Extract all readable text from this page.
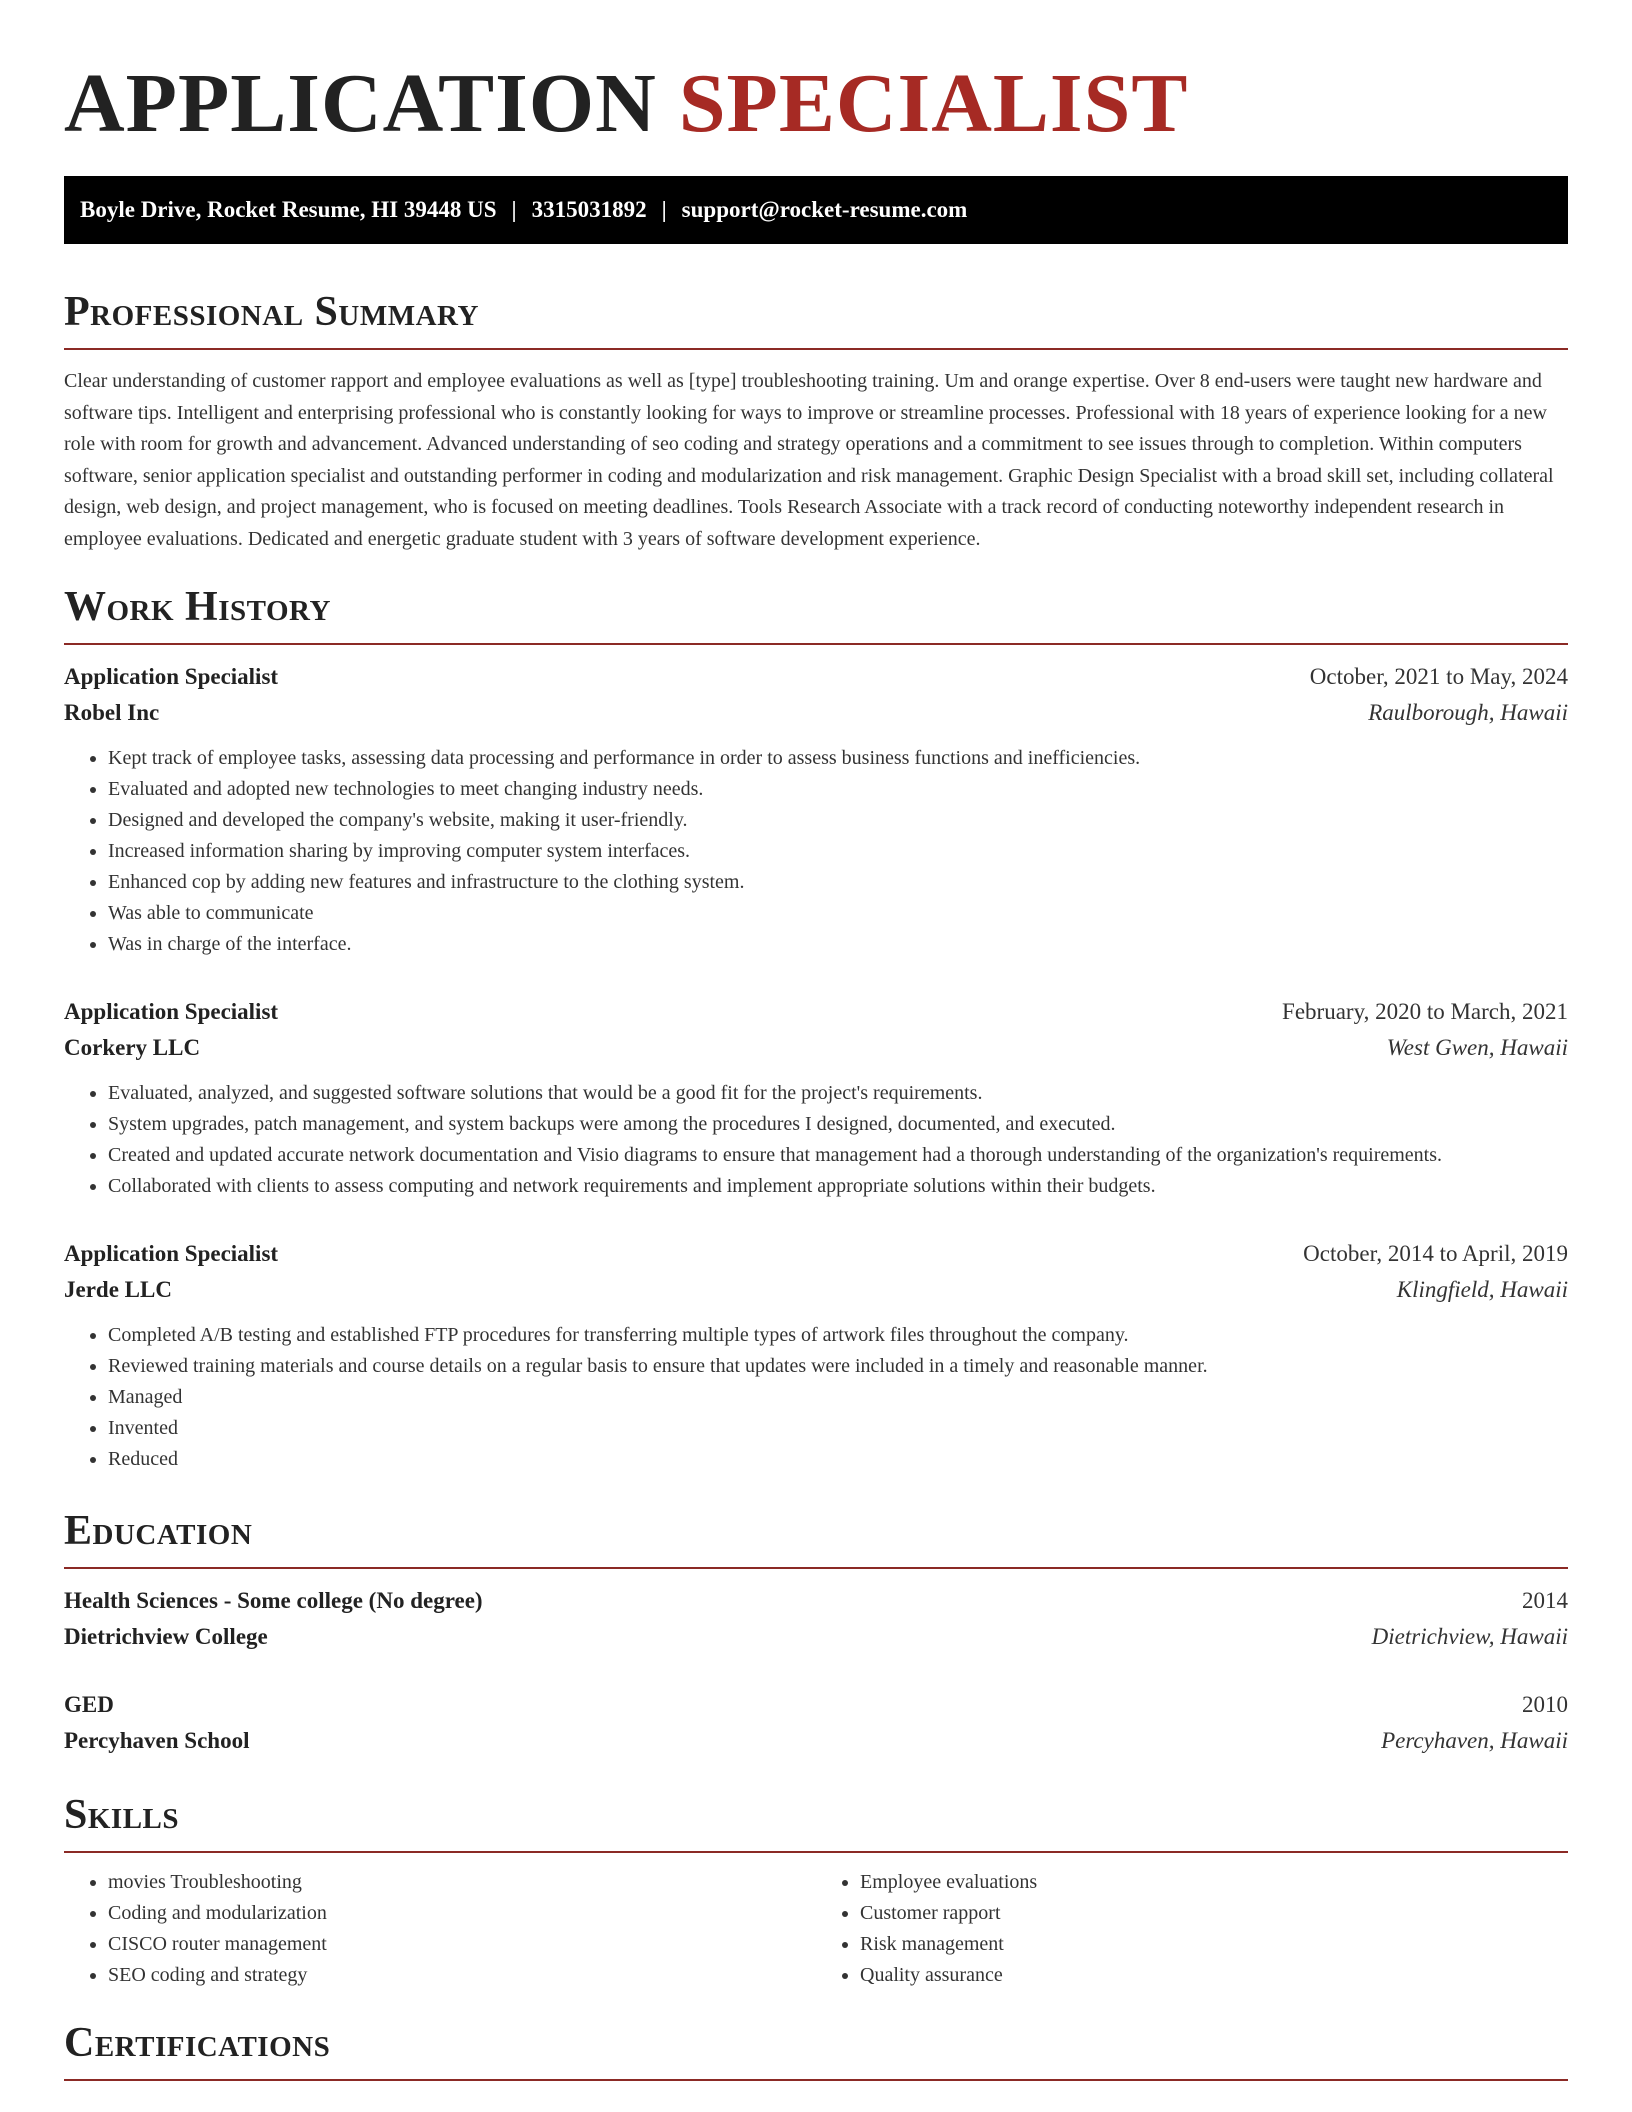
APPLICATION SPECIALIST
Boyle Drive, Rocket Resume, HI 39448 US | 3315031892 | support@rocket-resume.com
Professional Summary

Clear understanding of customer rapport and employee evaluations as well as [type] troubleshooting training. Um and orange expertise. Over 8 end-users were taught new hardware and software tips. Intelligent and enterprising professional who is constantly looking for ways to improve or streamline processes. Professional with 18 years of experience looking for a new role with room for growth and advancement. Advanced understanding of seo coding and strategy operations and a commitment to see issues through to completion. Within computers software, senior application specialist and outstanding performer in coding and modularization and risk management. Graphic Design Specialist with a broad skill set, including collateral design, web design, and project management, who is focused on meeting deadlines. Tools Research Associate with a track record of conducting noteworthy independent research in employee evaluations. Dedicated and energetic graduate student with 3 years of software development experience.

Work History
Application Specialist	October, 2021 to May, 2024
Robel Inc	Raulborough, Hawaii
• Kept track of employee tasks, assessing data processing and performance in order to assess business functions and inefficiencies.
• Evaluated and adopted new technologies to meet changing industry needs.
• Designed and developed the company's website, making it user-friendly.
• Increased information sharing by improving computer system interfaces.
• Enhanced cop by adding new features and infrastructure to the clothing system.
• Was able to communicate
• Was in charge of the interface.
Application Specialist	February, 2020 to March, 2021
Corkery LLC	West Gwen, Hawaii
• Evaluated, analyzed, and suggested software solutions that would be a good fit for the project's requirements.
• System upgrades, patch management, and system backups were among the procedures I designed, documented, and executed.
• Created and updated accurate network documentation and Visio diagrams to ensure that management had a thorough understanding of the organization's requirements.
• Collaborated with clients to assess computing and network requirements and implement appropriate solutions within their budgets.
Application Specialist	October, 2014 to April, 2019
Jerde LLC	Klingfield, Hawaii
• Completed A/B testing and established FTP procedures for transferring multiple types of artwork files throughout the company.
• Reviewed training materials and course details on a regular basis to ensure that updates were included in a timely and reasonable manner.
• Managed
• Invented
• Reduced
Education
Health Sciences - Some college (No degree)	2014
Dietrichview College	Dietrichview, Hawaii
GED	2010
Percyhaven School	Percyhaven, Hawaii
Skills
• movies Troubleshooting
• Coding and modularization
• CISCO router management
• SEO coding and strategy
• Employee evaluations
• Customer rapport
• Risk management
• Quality assurance
Certifications
